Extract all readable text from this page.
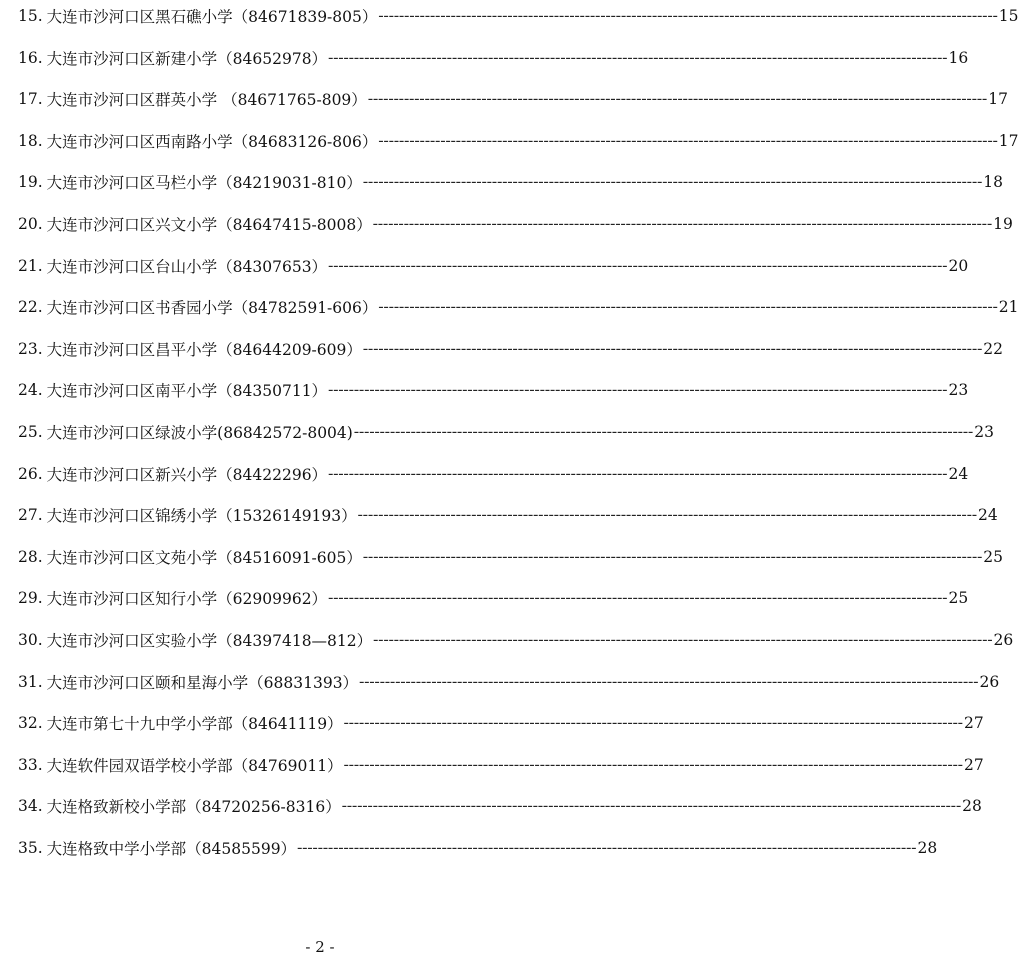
15. 大连市沙河口区黑石礁小学（84671839-805） ------------------------------------------------------------------------------------------------------------------------ 15
16. 大连市沙河口区新建小学（84652978） ------------------------------------------------------------------------------------------------------------------------ 16
17. 大连市沙河口区群英小学 （84671765-809） ------------------------------------------------------------------------------------------------------------------------ 17
18. 大连市沙河口区西南路小学（84683126-806） ------------------------------------------------------------------------------------------------------------------------ 17
19. 大连市沙河口区马栏小学（84219031-810） ------------------------------------------------------------------------------------------------------------------------ 18
20. 大连市沙河口区兴文小学（84647415-8008） ------------------------------------------------------------------------------------------------------------------------ 19
21. 大连市沙河口区台山小学（84307653） ------------------------------------------------------------------------------------------------------------------------ 20
22. 大连市沙河口区书香园小学（84782591-606） ------------------------------------------------------------------------------------------------------------------------ 21
23. 大连市沙河口区昌平小学（84644209-609） ------------------------------------------------------------------------------------------------------------------------ 22
24. 大连市沙河口区南平小学（84350711） ------------------------------------------------------------------------------------------------------------------------ 23
25. 大连市沙河口区绿波小学(86842572-8004) ------------------------------------------------------------------------------------------------------------------------ 23
26. 大连市沙河口区新兴小学（84422296） ------------------------------------------------------------------------------------------------------------------------ 24
27. 大连市沙河口区锦绣小学（15326149193） ------------------------------------------------------------------------------------------------------------------------ 24
28. 大连市沙河口区文苑小学（84516091-605） ------------------------------------------------------------------------------------------------------------------------ 25
29. 大连市沙河口区知行小学（62909962） ------------------------------------------------------------------------------------------------------------------------ 25
30. 大连市沙河口区实验小学（84397418—812） ------------------------------------------------------------------------------------------------------------------------ 26
31. 大连市沙河口区颐和星海小学（68831393） ------------------------------------------------------------------------------------------------------------------------ 26
32. 大连市第七十九中学小学部（84641119） ------------------------------------------------------------------------------------------------------------------------ 27
33. 大连软件园双语学校小学部（84769011） ------------------------------------------------------------------------------------------------------------------------ 27
34. 大连格致新校小学部（84720256-8316） ------------------------------------------------------------------------------------------------------------------------ 28
35. 大连格致中学小学部（84585599） ------------------------------------------------------------------------------------------------------------------------ 28
- 2 -
